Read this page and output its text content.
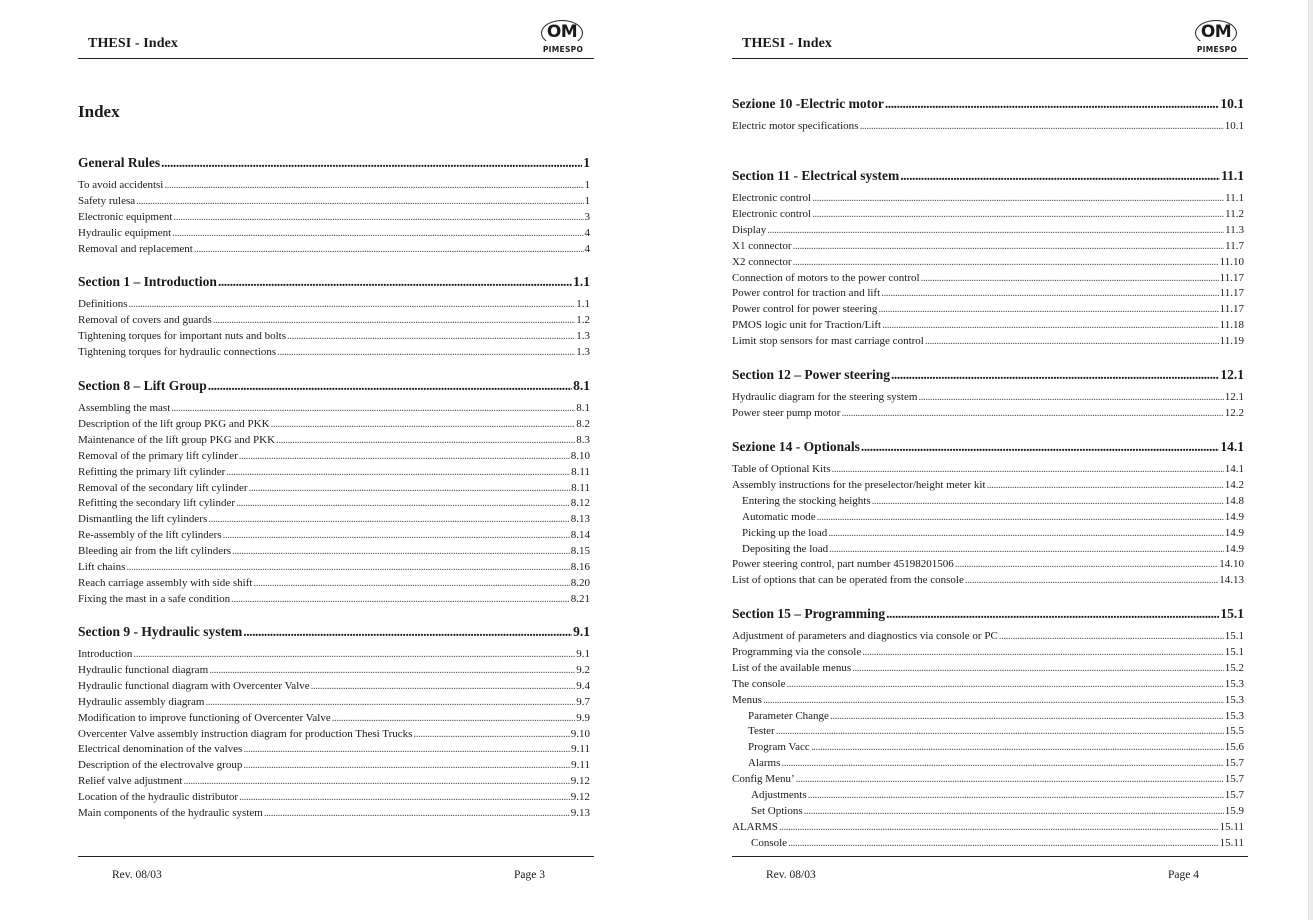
THESI - Index
OM
PIMESPO
Index
General Rules . . .	1
To avoid accidentsi . . .	1
Safety rulesa . . .	1
Electronic equipment . . .	3
Hydraulic equipment . . .	4
Removal and replacement . . .	4
Section 1 – Introduction . . .	1.1
Definitions . . .	1.1
Removal of covers and guards . . .	1.2
Tightening torques for important nuts and bolts . . .	1.3
Tightening torques for hydraulic connections . . .	1.3
Section 8 – Lift Group . . .	8.1
Assembling the mast . . .	8.1
Description of the lift group PKG and PKK . . .	8.2
Maintenance of the lift group PKG and PKK . . .	8.3
Removal of the primary lift cylinder . . .	8.10
Refitting the primary lift cylinder . . .	8.11
Removal of the secondary lift cylinder . . .	8.11
Refitting the secondary lift cylinder . . .	8.12
Dismantling the lift cylinders . . .	8.13
Re-assembly of the lift cylinders . . .	8.14
Bleeding air from the lift cylinders . . .	8.15
Lift chains . . .	8.16
Reach carriage assembly with side shift . . .	8.20
Fixing the mast in a safe condition . . .	8.21
Section 9 - Hydraulic system . . .	9.1
Introduction . . .	9.1
Hydraulic functional diagram . . .	9.2
Hydraulic functional diagram with Overcenter Valve . . .	9.4
Hydraulic assembly diagram . . .	9.7
Modification to improve functioning of Overcenter Valve . . .	9.9
Overcenter Valve assembly instruction diagram for production Thesi Trucks . . .	9.10
Electrical denomination of the valves . . .	9.11
Description of the electrovalve group . . .	9.11
Relief valve adjustment . . .	9.12
Location of the hydraulic distributor . . .	9.12
Main components of the hydraulic system . . .	9.13
Rev. 08/03	Page 3
THESI - Index
OM
PIMESPO
Sezione 10 -Electric motor . . .	10.1
Electric motor specifications . . .	10.1
Section 11 - Electrical system . . .	11.1
Electronic control . . .	11.1
Electronic control . . .	11.2
Display . . .	11.3
X1 connector . . .	11.7
X2 connector . . .	11.10
Connection of motors to the power control . . .	11.17
Power control for traction and lift . . .	11.17
Power control for power steering . . .	11.17
PMOS logic unit for Traction/Lift . . .	11.18
Limit stop sensors for mast carriage control . . .	11.19
Section 12 – Power steering . . .	12.1
Hydraulic diagram for the steering system . . .	12.1
Power steer pump motor . . .	12.2
Sezione 14 - Optionals . . .	14.1
Table of Optional Kits . . .	14.1
Assembly instructions for the preselector/height meter kit . . .	14.2
Entering the stocking heights . . .	14.8
Automatic mode . . .	14.9
Picking up the load . . .	14.9
Depositing the load . . .	14.9
Power steering control, part number 45198201506 . . .	14.10
List of options that can be operated from the console . . .	14.13
Section 15 – Programming . . .	15.1
Adjustment of parameters and diagnostics via console or PC . . .	15.1
Programming via the console . . .	15.1
List of the available menus . . .	15.2
The console . . .	15.3
Menus . . .	15.3
Parameter Change . . .	15.3
Tester . . .	15.5
Program Vacc . . .	15.6
Alarms . . .	15.7
Config Menu’ . . .	15.7
Adjustments . . .	15.7
Set Options . . .	15.9
ALARMS . . .	15.11
Console . . .	15.11
Rev. 08/03	Page 4
